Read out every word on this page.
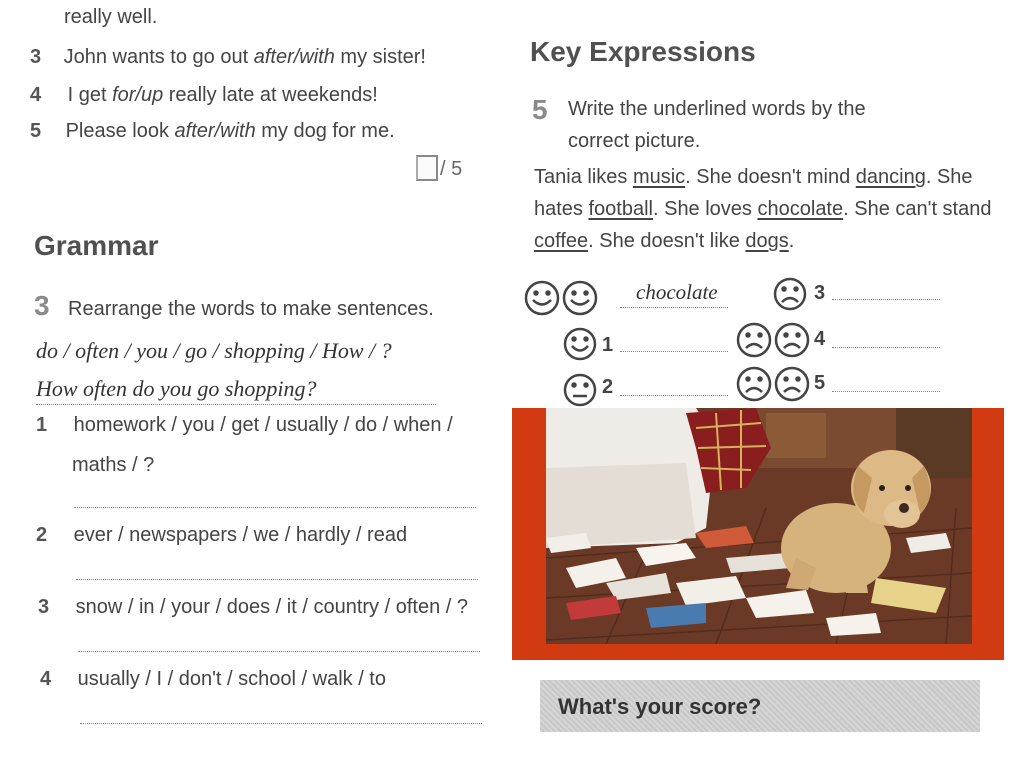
really well.
3 John wants to go out after/with my sister!
4 I get for/up really late at weekends!
5 Please look after/with my dog for me.
/ 5
Grammar
3 Rearrange the words to make sentences.
do / often / you / go / shopping / How / ?
How often do you go shopping?
1 homework / you / get / usually / do / when /
maths / ?
2 ever / newspapers / we / hardly / read
3 snow / in / your / does / it / country / often / ?
4 usually / I / don't / school / walk / to
Key Expressions
5 Write the underlined words by the
correct picture.
Tania likes music. She doesn't mind dancing. She
hates football. She loves chocolate. She can't stand
coffee. She doesn't like dogs.
chocolate	3
1	4
2	5
What's your score?
